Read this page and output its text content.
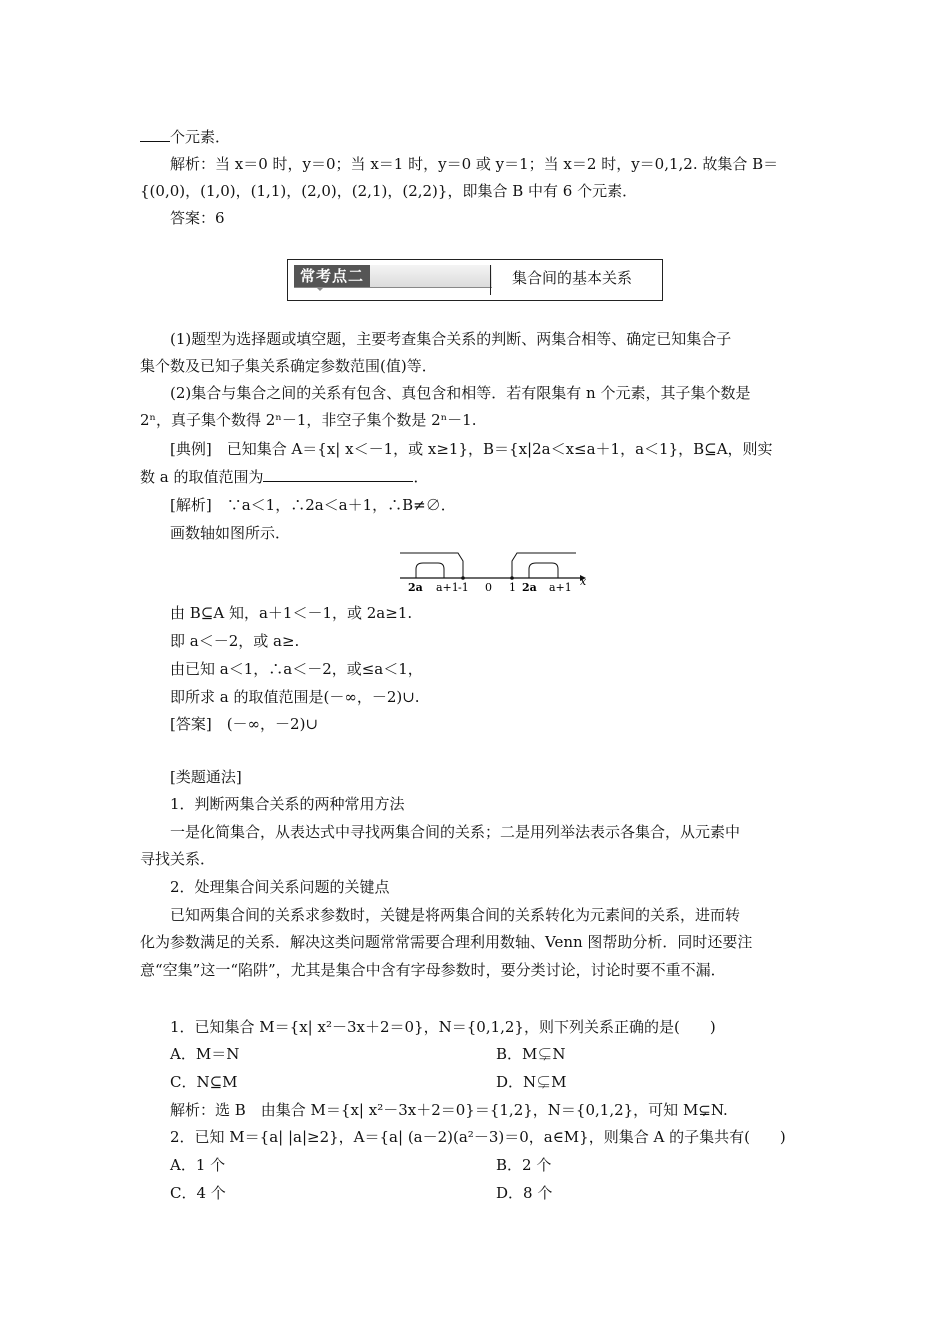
个元素．
解析：当 x＝0 时，y＝0；当 x＝1 时，y＝0 或 y＝1；当 x＝2 时，y＝0,1,2. 故集合 B＝
{(0,0)，(1,0)，(1,1)，(2,0)，(2,1)，(2,2)}，即集合 B 中有 6 个元素．
答案：6
常考点二	集合间的基本关系
(1)题型为选择题或填空题，主要考查集合关系的判断、两集合相等、确定已知集合子
集个数及已知子集关系确定参数范围(值)等．
(2)集合与集合之间的关系有包含、真包含和相等．若有限集有 n 个元素，其子集个数是
2ⁿ，真子集个数得 2ⁿ－1，非空子集个数是 2ⁿ－1.
[典例]　已知集合 A＝{x| x＜－1，或 x≥1}，B＝{x|2a＜x≤a＋1，a＜1}，B⊆A，则实
数 a 的取值范围为	．
[解析]　∵a＜1，∴2a＜a＋1，∴B≠∅．
画数轴如图所示．
2a a+1 -1 0 1 2a a+1 x
由 B⊆A 知，a＋1＜－1，或 2a≥1.
即 a＜－2，或 a≥.
由已知 a＜1，∴a＜－2，或≤a＜1，
即所求 a 的取值范围是(－∞，－2)∪.
[答案]　(－∞，－2)∪
[类题通法]
1．判断两集合关系的两种常用方法
一是化简集合，从表达式中寻找两集合间的关系；二是用列举法表示各集合，从元素中
寻找关系．
2．处理集合间关系问题的关键点
已知两集合间的关系求参数时，关键是将两集合间的关系转化为元素间的关系，进而转
化为参数满足的关系．解决这类问题常常需要合理利用数轴、Venn 图帮助分析．同时还要注
意“空集”这一“陷阱”，尤其是集合中含有字母参数时，要分类讨论，讨论时要不重不漏．
1．已知集合 M＝{x| x²－3x＋2＝0}，N＝{0,1,2}，则下列关系正确的是(　　)
A．M＝N	B．M⊊N
C．N⊆M	D．N⊊M
解析：选 B　由集合 M＝{x| x²－3x＋2＝0}＝{1,2}，N＝{0,1,2}，可知 M⊊N.
2．已知 M＝{a| |a|≥2}，A＝{a| (a－2)(a²－3)＝0，a∈M}，则集合 A 的子集共有(　　)
A．1 个	B．2 个
C．4 个	D．8 个
